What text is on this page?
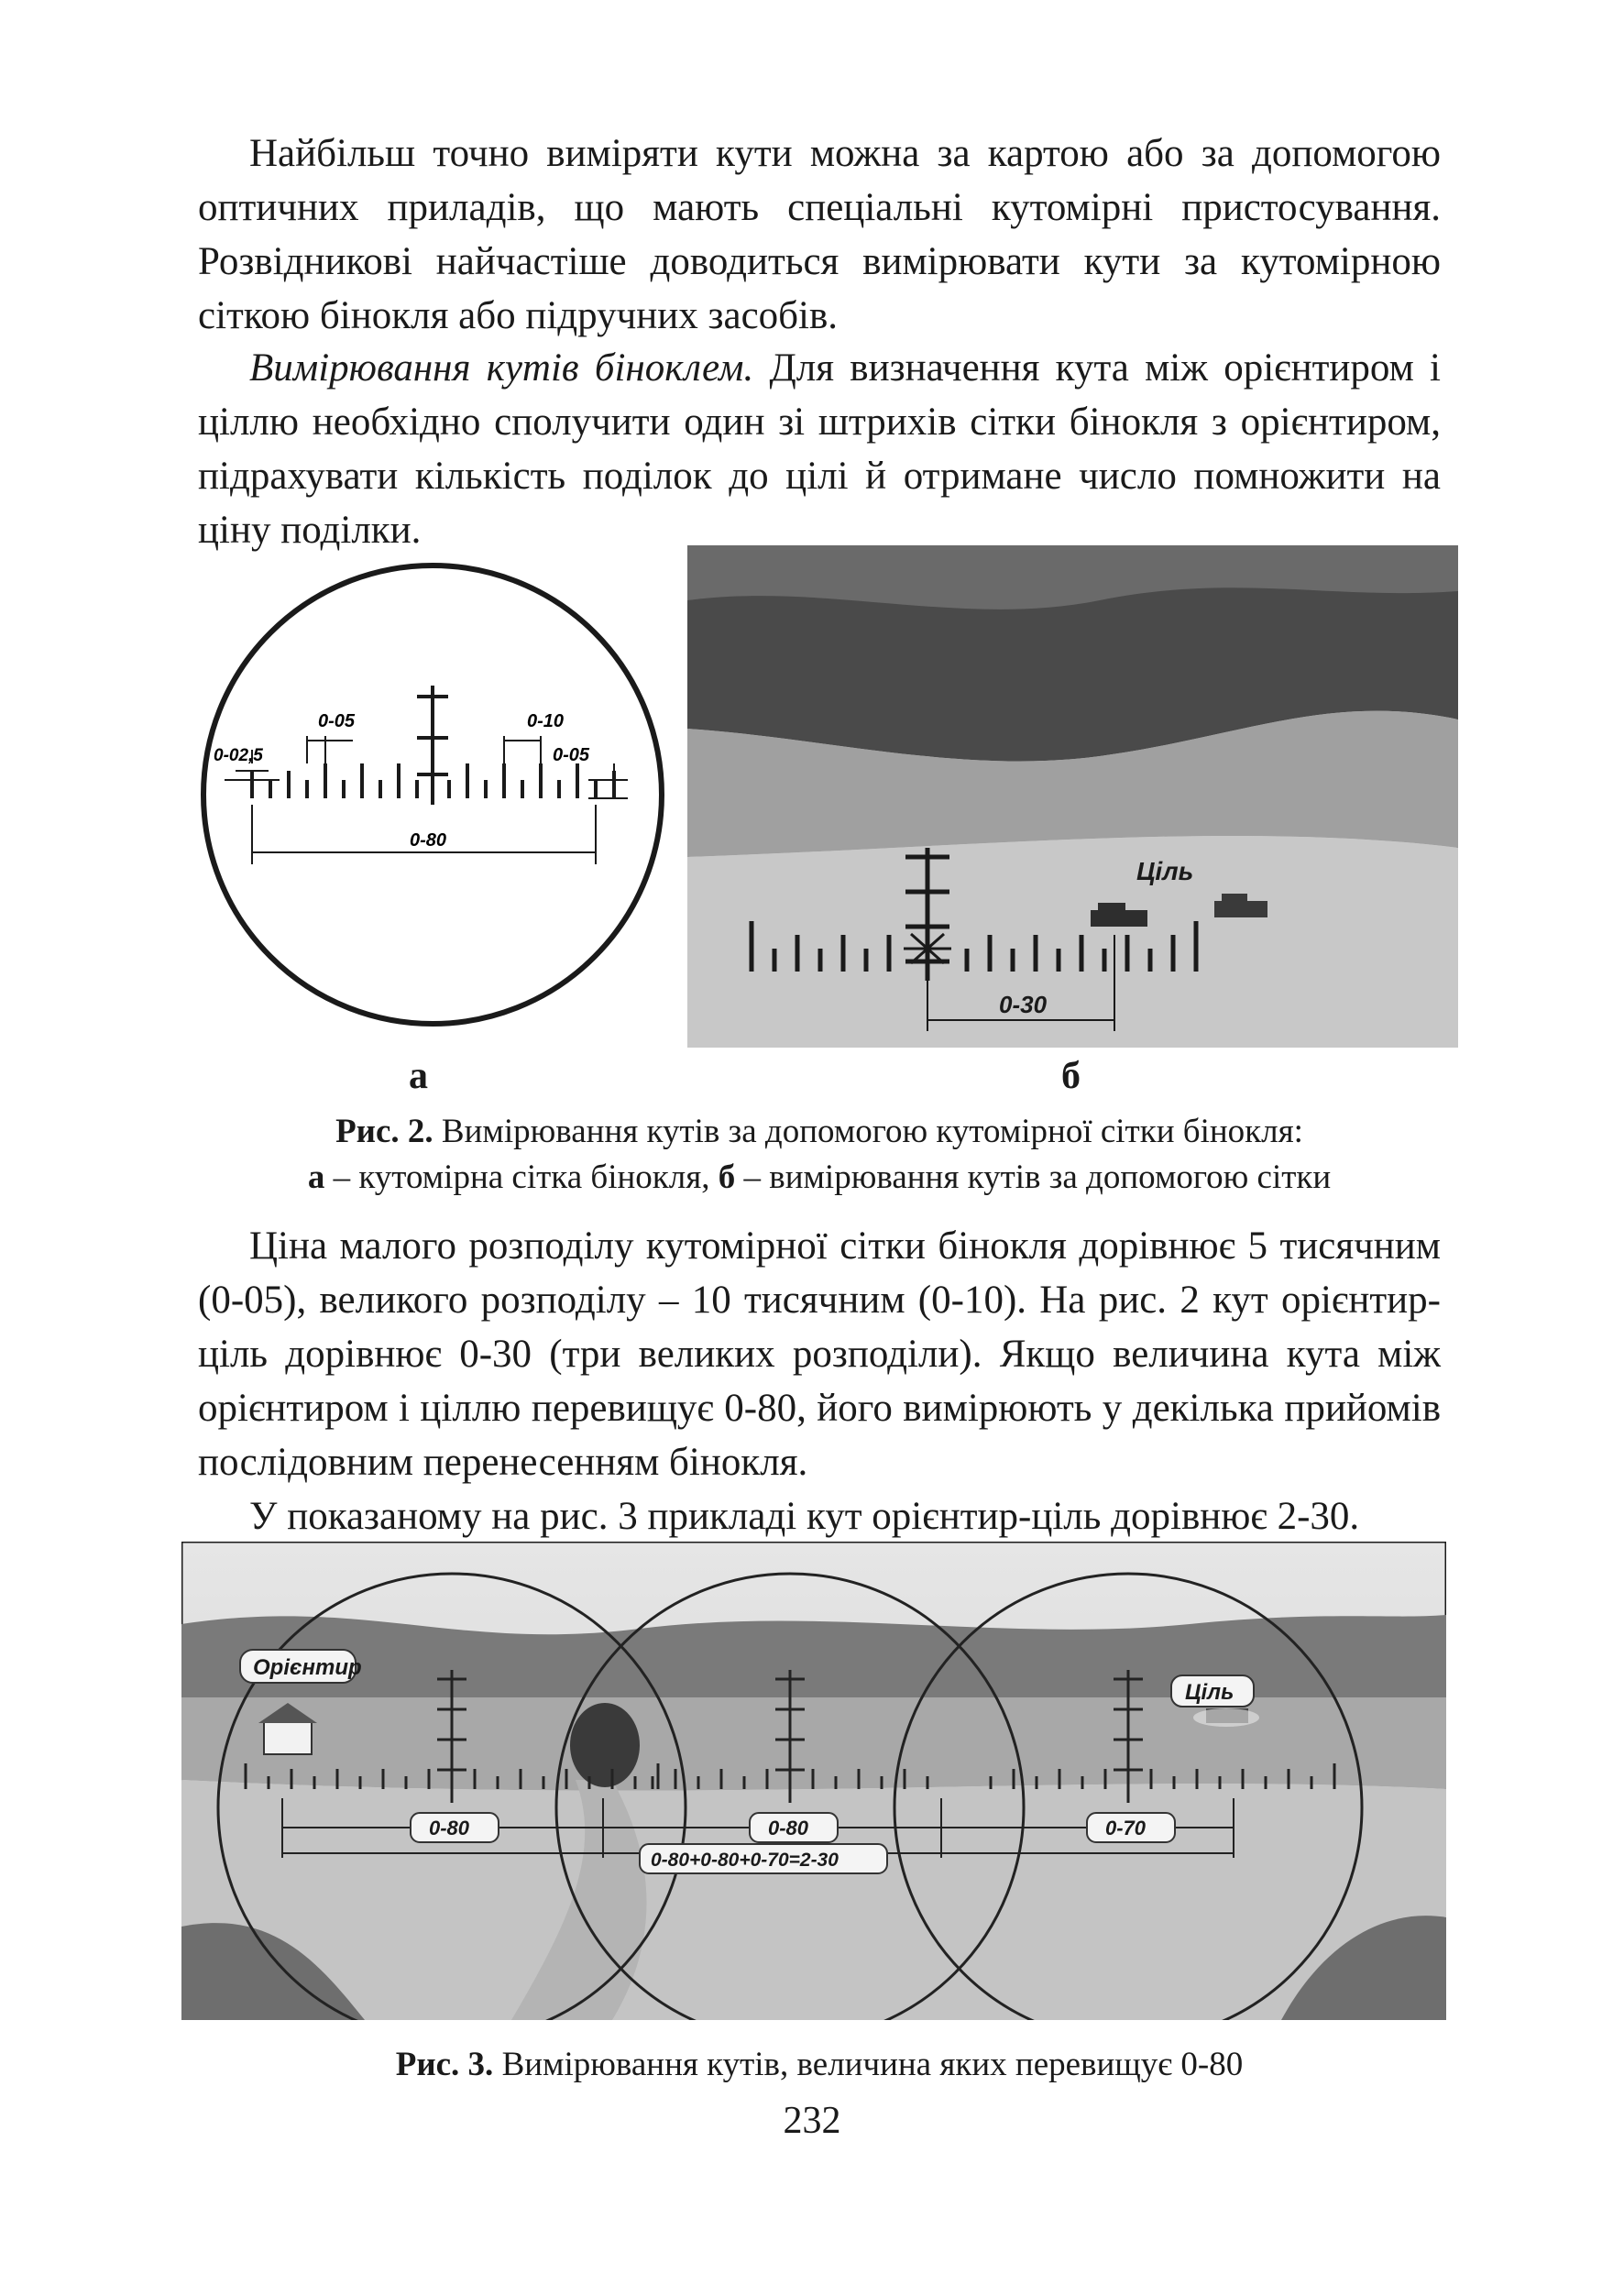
Найбільш точно виміряти кути можна за картою або за допомогою оптичних приладів, що мають спеціальні кутомірні пристосування. Розвідникові найчастіше доводиться вимірювати кути за кутомірною сіткою бінокля або підручних засобів.

Вимірювання кутів біноклем. Для визначення кута між орієнтиром і ціллю необхідно сполучити один зі штрихів сітки бінокля з орієнтиром, підрахувати кількість поділок до цілі й отримане число помножити на ціну поділки.

0-05	0-10
0-02,5	0-05
0-80
Ціль
0-30
а	б
Рис. 2. Вимірювання кутів за допомогою кутомірної сітки бінокля:
а – кутомірна сітка бінокля, б – вимірювання кутів за допомогою сітки

Ціна малого розподілу кутомірної сітки бінокля дорівнює 5 тисячним (0-05), великого розподілу – 10 тисячним (0-10). На рис. 2 кут орієнтир-ціль дорівнює 0-30 (три великих розподіли). Якщо величина кута між орієнтиром і ціллю перевищує 0-80, його вимірюють у декілька прийомів послідовним перенесенням бінокля.

У показаному на рис. 3 прикладі кут орієнтир-ціль дорівнює 2-30.

Орієнтир
Ціль
0-80	0-80	0-70
0-80+0-80+0-70=2-30
Рис. 3. Вимірювання кутів, величина яких перевищує 0-80
232
